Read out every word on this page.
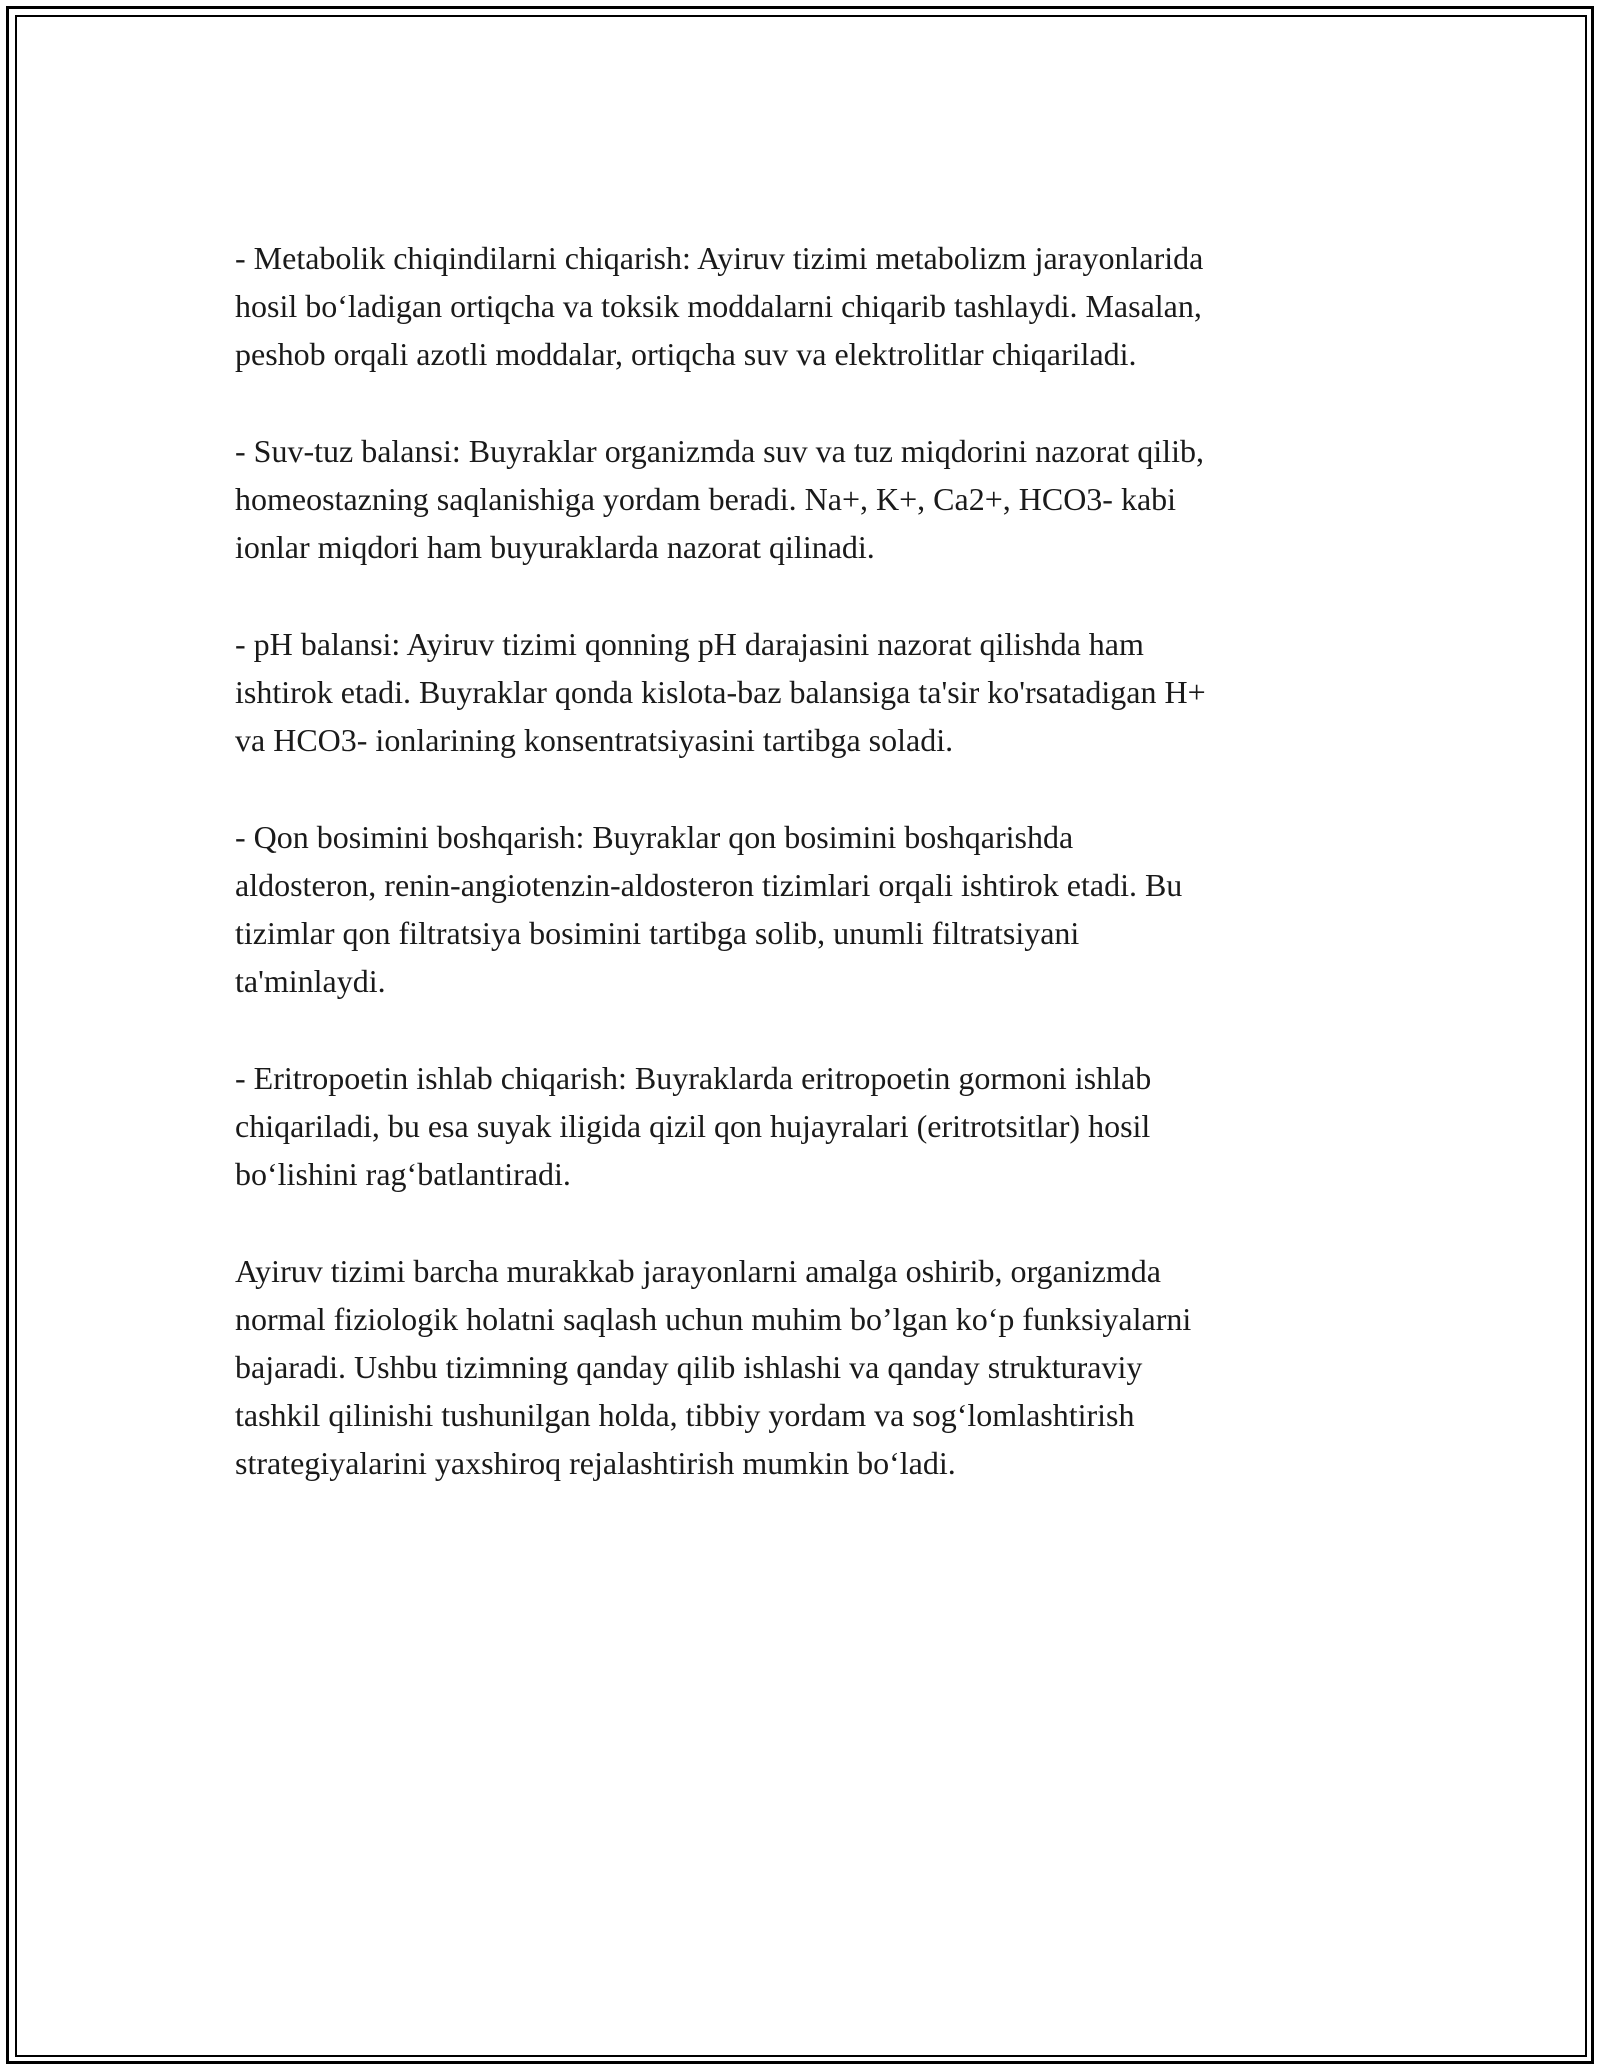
- Metabolik chiqindilarni chiqarish: Ayiruv tizimi metabolizm jarayonlarida
hosil bo‘ladigan ortiqcha va toksik moddalarni chiqarib tashlaydi. Masalan,
peshob orqali azotli moddalar, ortiqcha suv va elektrolitlar chiqariladi.

- Suv-tuz balansi: Buyraklar organizmda suv va tuz miqdorini nazorat qilib,
homeostazning saqlanishiga yordam beradi. Na+, K+, Ca2+, HCO3- kabi
ionlar miqdori ham buyuraklarda nazorat qilinadi.

- pH balansi: Ayiruv tizimi qonning pH darajasini nazorat qilishda ham
ishtirok etadi. Buyraklar qonda kislota-baz balansiga ta'sir ko'rsatadigan H+
va HCO3- ionlarining konsentratsiyasini tartibga soladi.

- Qon bosimini boshqarish: Buyraklar qon bosimini boshqarishda
aldosteron, renin-angiotenzin-aldosteron tizimlari orqali ishtirok etadi. Bu
tizimlar qon filtratsiya bosimini tartibga solib, unumli filtratsiyani
ta'minlaydi.

- Eritropoetin ishlab chiqarish: Buyraklarda eritropoetin gormoni ishlab
chiqariladi, bu esa suyak iligida qizil qon hujayralari (eritrotsitlar) hosil
bo‘lishini rag‘batlantiradi.

Ayiruv tizimi barcha murakkab jarayonlarni amalga oshirib, organizmda
normal fiziologik holatni saqlash uchun muhim bo’lgan ko‘p funksiyalarni
bajaradi. Ushbu tizimning qanday qilib ishlashi va qanday strukturaviy
tashkil qilinishi tushunilgan holda, tibbiy yordam va sog‘lomlashtirish
strategiyalarini yaxshiroq rejalashtirish mumkin bo‘ladi.
